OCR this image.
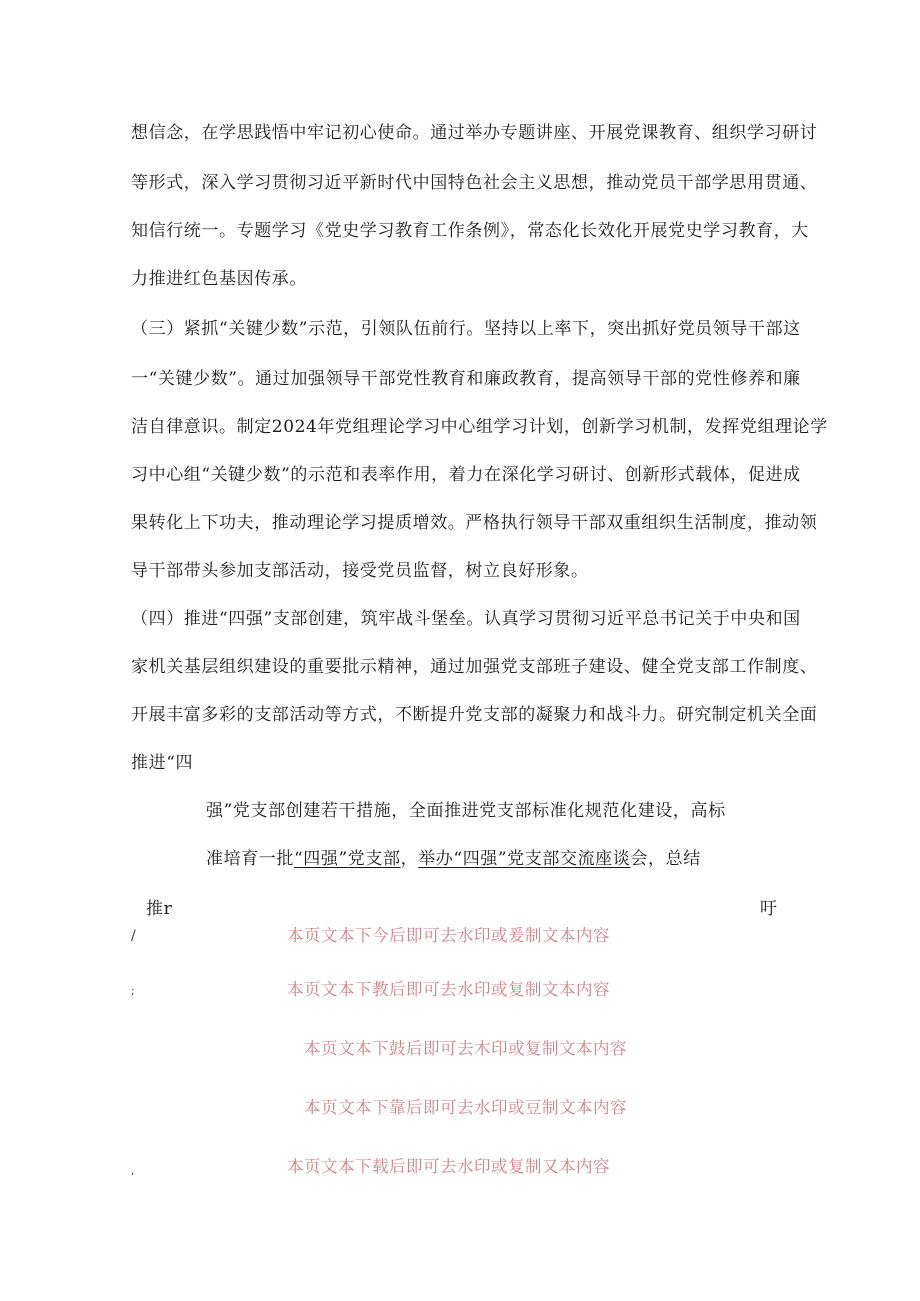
想信念，在学思践悟中牢记初心使命。通过举办专题讲座、开展党课教育、组织学习研讨
等形式，深入学习贯彻习近平新时代中国特色社会主义思想，推动党员干部学思用贯通、
知信行统一。专题学习《党史学习教育工作条例》，常态化长效化开展党史学习教育，大
力推进红色基因传承。
（三）紧抓“关键少数”示范，引领队伍前行。坚持以上率下，突出抓好党员领导干部这
一“关键少数”。通过加强领导干部党性教育和廉政教育，提高领导干部的党性修养和廉
洁自律意识。制定2024年党组理论学习中心组学习计划，创新学习机制，发挥党组理论学
习中心组“关键少数”的示范和表率作用，着力在深化学习研讨、创新形式载体，促进成
果转化上下功夫，推动理论学习提质增效。严格执行领导干部双重组织生活制度，推动领
导干部带头参加支部活动，接受党员监督，树立良好形象。
（四）推进“四强”支部创建，筑牢战斗堡垒。认真学习贯彻习近平总书记关于中央和国
家机关基层组织建设的重要批示精神，通过加强党支部班子建设、健全党支部工作制度、
开展丰富多彩的支部活动等方式，不断提升党支部的凝聚力和战斗力。研究制定机关全面
推进“四
强”党支部创建若干措施，全面推进党支部标准化规范化建设，高标
准培育一批“四强”党支部，举办“四强”党支部交流座谈会，总结
推r	吁
/
;
,
本页文本下今后即可去水印或爰制文本内容
本页文本下教后即可去水印或复制文本内容
本页文本下鼓后即可去木印或复制文本内容
本页文本下靠后即可去水印或豆制文本内容
本页文本下载后即可去水印或复制又本内容
